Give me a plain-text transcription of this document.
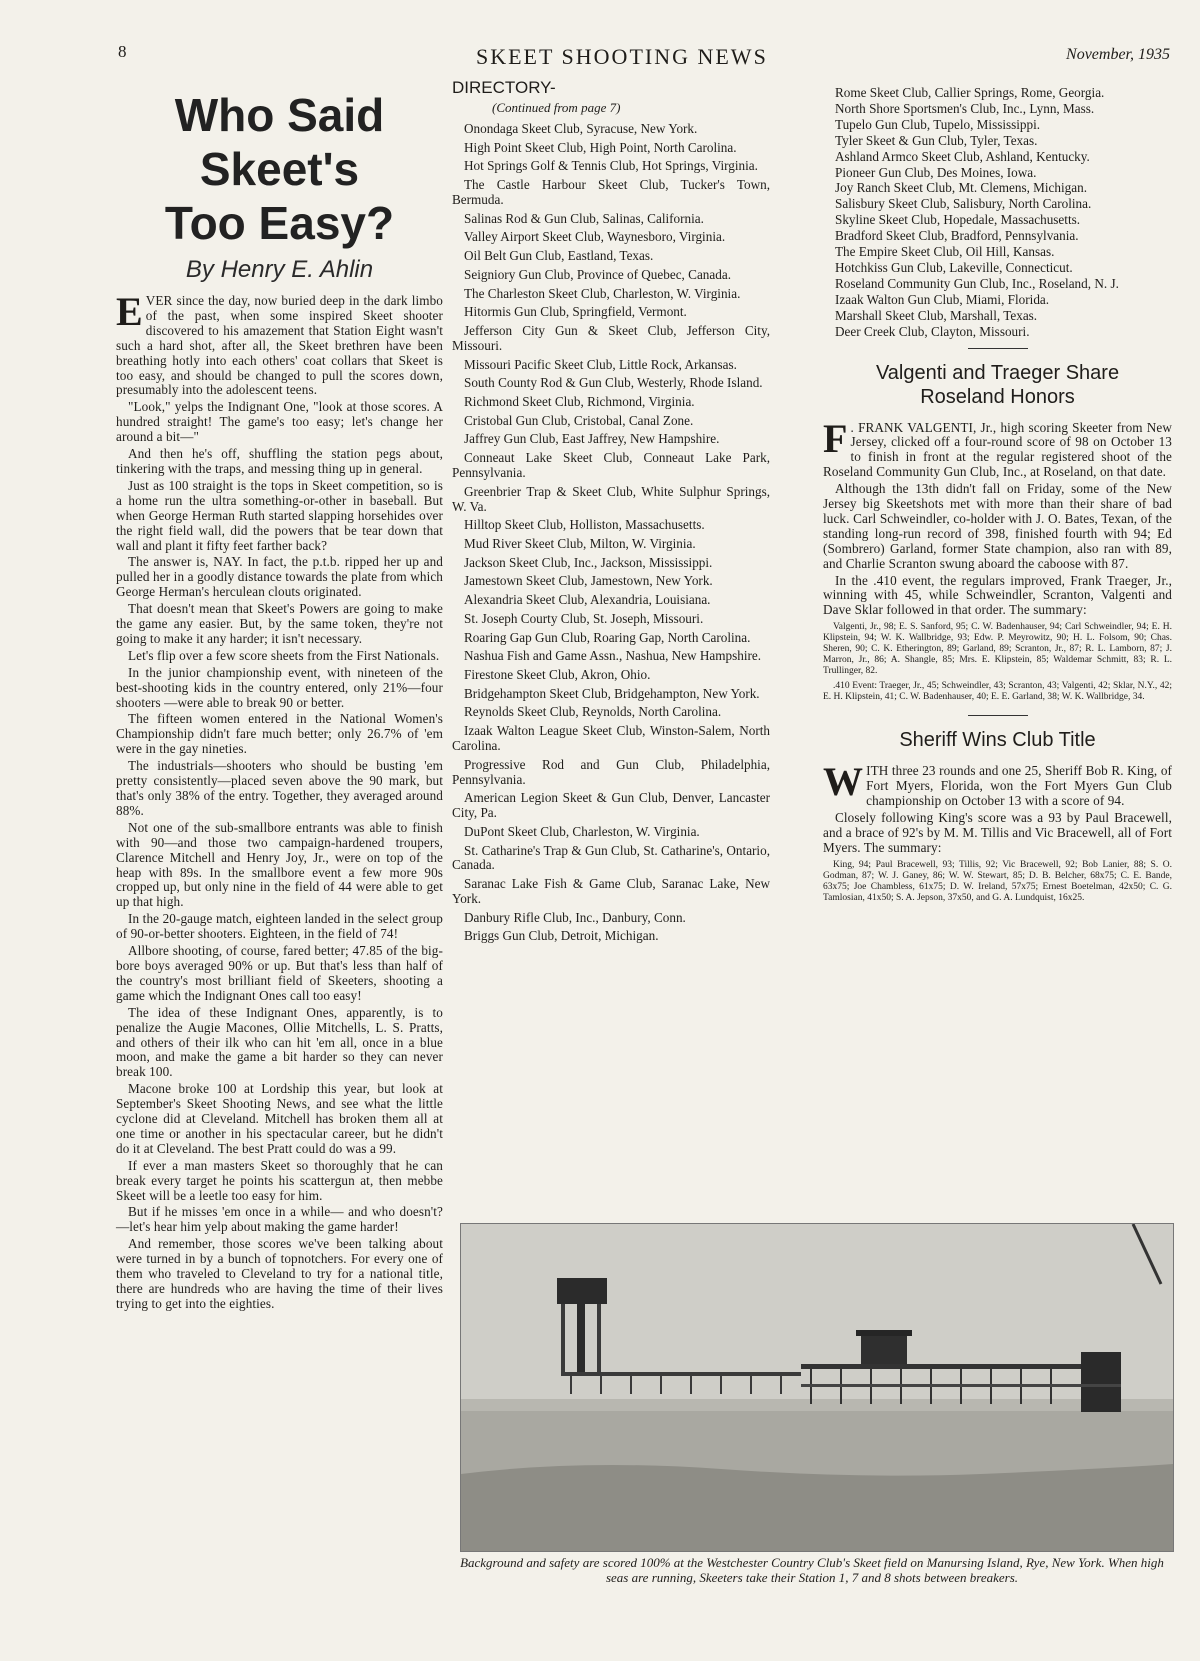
8	SKEET SHOOTING NEWS	November, 1935
Who Said Skeet's
Too Easy?
By Henry E. Ahlin

EVER since the day, now buried deep in the dark limbo of the past, when some inspired Skeet shooter discovered to his amazement that Station Eight wasn't such a hard shot, after all, the Skeet brethren have been breathing hotly into each others' coat collars that Skeet is too easy, and should be changed to pull the scores down, presumably into the adolescent teens.

"Look," yelps the Indignant One, "look at those scores. A hundred straight! The game's too easy; let's change her around a bit—"

And then he's off, shuffling the station pegs about, tinkering with the traps, and messing thing up in general.

Just as 100 straight is the tops in Skeet competition, so is a home run the ultra something-or-other in baseball. But when George Herman Ruth started slapping horsehides over the right field wall, did the powers that be tear down that wall and plant it fifty feet farther back?

The answer is, NAY. In fact, the p.t.b. ripped her up and pulled her in a goodly distance towards the plate from which George Herman's herculean clouts originated.

That doesn't mean that Skeet's Powers are going to make the game any easier. But, by the same token, they're not going to make it any harder; it isn't necessary.

Let's flip over a few score sheets from the First Nationals.

In the junior championship event, with nineteen of the best-shooting kids in the country entered, only 21%—four shooters —were able to break 90 or better.

The fifteen women entered in the National Women's Championship didn't fare much better; only 26.7% of 'em were in the gay nineties.

The industrials—shooters who should be busting 'em pretty consistently—placed seven above the 90 mark, but that's only 38% of the entry. Together, they averaged around 88%.

Not one of the sub-smallbore entrants was able to finish with 90—and those two campaign-hardened troupers, Clarence Mitchell and Henry Joy, Jr., were on top of the heap with 89s. In the smallbore event a few more 90s cropped up, but only nine in the field of 44 were able to get up that high.

In the 20-gauge match, eighteen landed in the select group of 90-or-better shooters. Eighteen, in the field of 74!

Allbore shooting, of course, fared better; 47.85 of the big-bore boys averaged 90% or up. But that's less than half of the country's most brilliant field of Skeeters, shooting a game which the Indignant Ones call too easy!

The idea of these Indignant Ones, apparently, is to penalize the Augie Macones, Ollie Mitchells, L. S. Pratts, and others of their ilk who can hit 'em all, once in a blue moon, and make the game a bit harder so they can never break 100.

Macone broke 100 at Lordship this year, but look at September's Skeet Shooting News, and see what the little cyclone did at Cleveland. Mitchell has broken them all at one time or another in his spectacular career, but he didn't do it at Cleveland. The best Pratt could do was a 99.

If ever a man masters Skeet so thoroughly that he can break every target he points his scattergun at, then mebbe Skeet will be a leetle too easy for him.

But if he misses 'em once in a while— and who doesn't?—let's hear him yelp about making the game harder!

And remember, those scores we've been talking about were turned in by a bunch of topnotchers. For every one of them who traveled to Cleveland to try for a national title, there are hundreds who are having the time of their lives trying to get into the eighties.

DIRECTORY-
(Continued from page 7)

Onondaga Skeet Club, Syracuse, New York.

High Point Skeet Club, High Point, North Carolina.

Hot Springs Golf & Tennis Club, Hot Springs, Virginia.

The Castle Harbour Skeet Club, Tucker's Town, Bermuda.

Salinas Rod & Gun Club, Salinas, California.

Valley Airport Skeet Club, Waynesboro, Virginia.

Oil Belt Gun Club, Eastland, Texas.

Seigniory Gun Club, Province of Quebec, Canada.

The Charleston Skeet Club, Charleston, W. Virginia.

Hitormis Gun Club, Springfield, Vermont.

Jefferson City Gun & Skeet Club, Jefferson City, Missouri.

Missouri Pacific Skeet Club, Little Rock, Arkansas.

South County Rod & Gun Club, Westerly, Rhode Island.

Richmond Skeet Club, Richmond, Virginia.

Cristobal Gun Club, Cristobal, Canal Zone.

Jaffrey Gun Club, East Jaffrey, New Hampshire.

Conneaut Lake Skeet Club, Conneaut Lake Park, Pennsylvania.

Greenbrier Trap & Skeet Club, White Sulphur Springs, W. Va.

Hilltop Skeet Club, Holliston, Massachusetts.

Mud River Skeet Club, Milton, W. Virginia.

Jackson Skeet Club, Inc., Jackson, Mississippi.

Jamestown Skeet Club, Jamestown, New York.

Alexandria Skeet Club, Alexandria, Louisiana.

St. Joseph Courty Club, St. Joseph, Missouri.

Roaring Gap Gun Club, Roaring Gap, North Carolina.

Nashua Fish and Game Assn., Nashua, New Hampshire.

Firestone Skeet Club, Akron, Ohio.

Bridgehampton Skeet Club, Bridgehampton, New York.

Reynolds Skeet Club, Reynolds, North Carolina.

Izaak Walton League Skeet Club, Winston-Salem, North Carolina.

Progressive Rod and Gun Club, Philadelphia, Pennsylvania.

American Legion Skeet & Gun Club, Denver, Lancaster City, Pa.

DuPont Skeet Club, Charleston, W. Virginia.

St. Catharine's Trap & Gun Club, St. Catharine's, Ontario, Canada.

Saranac Lake Fish & Game Club, Saranac Lake, New York.

Danbury Rifle Club, Inc., Danbury, Conn.

Briggs Gun Club, Detroit, Michigan.

Rome Skeet Club, Callier Springs, Rome, Georgia.

North Shore Sportsmen's Club, Inc., Lynn, Mass.

Tupelo Gun Club, Tupelo, Mississippi.

Tyler Skeet & Gun Club, Tyler, Texas.

Ashland Armco Skeet Club, Ashland, Kentucky.

Pioneer Gun Club, Des Moines, Iowa.

Joy Ranch Skeet Club, Mt. Clemens, Michigan.

Salisbury Skeet Club, Salisbury, North Carolina.

Skyline Skeet Club, Hopedale, Massachusetts.

Bradford Skeet Club, Bradford, Pennsylvania.

The Empire Skeet Club, Oil Hill, Kansas.

Hotchkiss Gun Club, Lakeville, Connecticut.

Roseland Community Gun Club, Inc., Roseland, N. J.

Izaak Walton Gun Club, Miami, Florida.

Marshall Skeet Club, Marshall, Texas.

Deer Creek Club, Clayton, Missouri.

Valgenti and Traeger Share
Roseland Honors

F . FRANK VALGENTI, Jr., high scoring Skeeter from New Jersey, clicked off a four-round score of 98 on October 13 to finish in front at the regular registered shoot of the Roseland Community Gun Club, Inc., at Roseland, on that date.

Although the 13th didn't fall on Friday, some of the New Jersey big Skeetshots met with more than their share of bad luck. Carl Schweindler, co-holder with J. O. Bates, Texan, of the standing long-run record of 398, finished fourth with 94; Ed (Sombrero) Garland, former State champion, also ran with 89, and Charlie Scranton swung aboard the caboose with 87.

In the .410 event, the regulars improved, Frank Traeger, Jr., winning with 45, while Schweindler, Scranton, Valgenti and Dave Sklar followed in that order. The summary:

Valgenti, Jr., 98; E. S. Sanford, 95; C. W. Badenhauser, 94; Carl Schweindler, 94; E. H. Klipstein, 94; W. K. Wallbridge, 93; Edw. P. Meyrowitz, 90; H. L. Folsom, 90; Chas. Sheren, 90; C. K. Etherington, 89; Garland, 89; Scranton, Jr., 87; R. L. Lamborn, 87; J. Marron, Jr., 86; A. Shangle, 85; Mrs. E. Klipstein, 85; Waldemar Schmitt, 83; R. L. Trullinger, 82.

.410 Event: Traeger, Jr., 45; Schweindler, 43; Scranton, 43; Valgenti, 42; Sklar, N.Y., 42; E. H. Klipstein, 41; C. W. Badenhauser, 40; E. E. Garland, 38; W. K. Wallbridge, 34.

Sheriff Wins Club Title

WITH three 23 rounds and one 25, Sheriff Bob R. King, of Fort Myers, Florida, won the Fort Myers Gun Club championship on October 13 with a score of 94.

Closely following King's score was a 93 by Paul Bracewell, and a brace of 92's by M. M. Tillis and Vic Bracewell, all of Fort Myers. The summary:

King, 94; Paul Bracewell, 93; Tillis, 92; Vic Bracewell, 92; Bob Lanier, 88; S. O. Godman, 87; W. J. Ganey, 86; W. W. Stewart, 85; D. B. Belcher, 68x75; C. E. Bande, 63x75; Joe Chambless, 61x75; D. W. Ireland, 57x75; Ernest Boetelman, 42x50; C. G. Tamlosian, 41x50; S. A. Jepson, 37x50, and G. A. Lundquist, 16x25.

Background and safety are scored 100% at the Westchester Country Club's Skeet field on Manursing Island, Rye, New York. When high seas are running, Skeeters take their Station 1, 7 and 8 shots between breakers.
